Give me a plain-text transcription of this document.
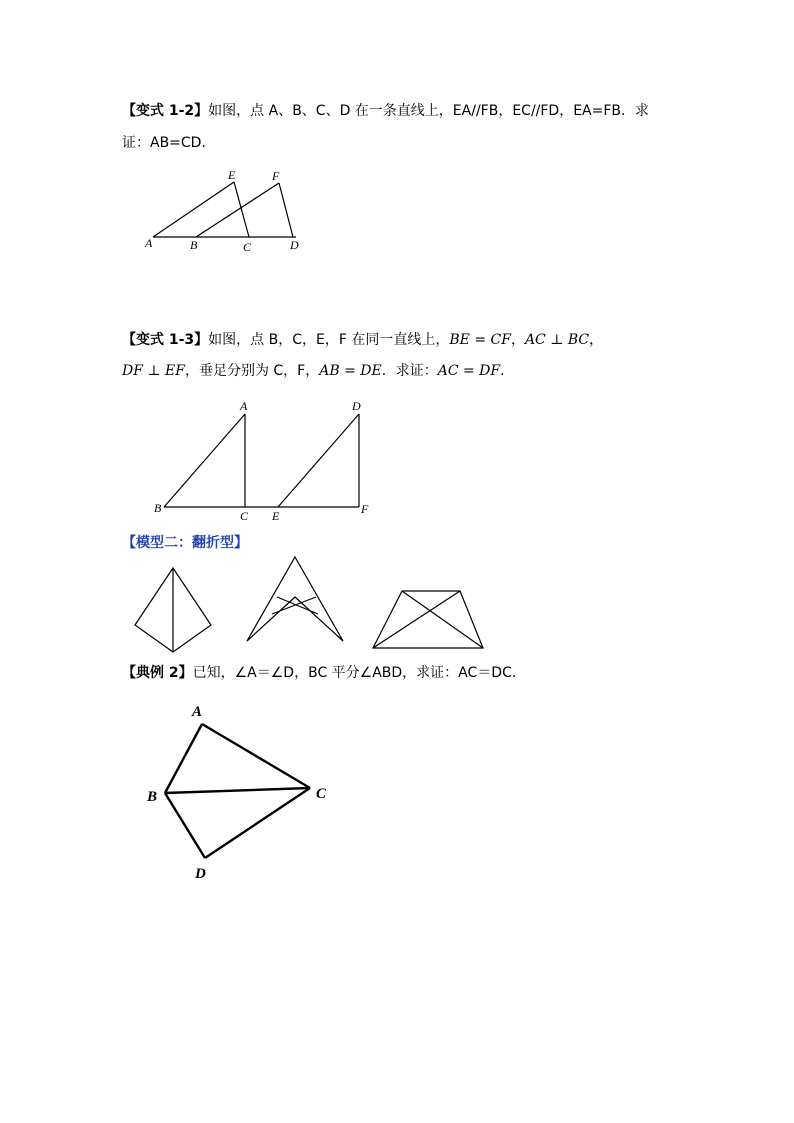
【变式 1-2】如图，点 A、B、C、D 在一条直线上，EA//FB，EC//FD，EA=FB．求
证：AB=CD．
A	B	C	D
E	F
【变式 1-3】如图，点 B，C，E，F 在同一直线上，BE = CF，AC ⊥ BC，
DF ⊥ EF，垂足分别为 C，F，AB = DE．求证：AC = DF．
A
B
C
D
E	F
【模型二：翻折型】
【典例 2】已知，∠A＝∠D，BC 平分∠ABD，求证：AC＝DC．
A
B	C
D
